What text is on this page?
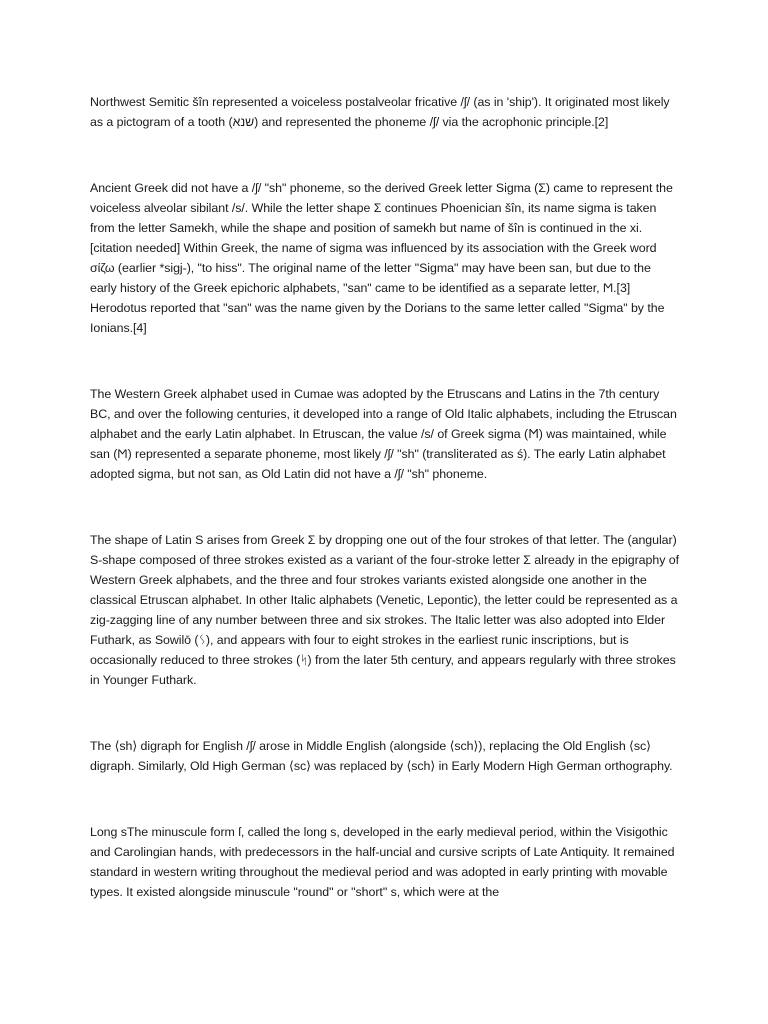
Northwest Semitic šîn represented a voiceless postalveolar fricative /ʃ/ (as in 'ship'). It originated most likely as a pictogram of a tooth (שנא) and represented the phoneme /ʃ/ via the acrophonic principle.[2]

Ancient Greek did not have a /ʃ/ "sh" phoneme, so the derived Greek letter Sigma (Σ) came to represent the voiceless alveolar sibilant /s/. While the letter shape Σ continues Phoenician šîn, its name sigma is taken from the letter Samekh, while the shape and position of samekh but name of šîn is continued in the xi.[citation needed] Within Greek, the name of sigma was influenced by its association with the Greek word σίζω (earlier *sigj-), "to hiss". The original name of the letter "Sigma" may have been san, but due to the early history of the Greek epichoric alphabets, "san" came to be identified as a separate letter, Ϻ.[3] Herodotus reported that "san" was the name given by the Dorians to the same letter called "Sigma" by the Ionians.[4]

The Western Greek alphabet used in Cumae was adopted by the Etruscans and Latins in the 7th century BC, and over the following centuries, it developed into a range of Old Italic alphabets, including the Etruscan alphabet and the early Latin alphabet. In Etruscan, the value /s/ of Greek sigma (𐌑) was maintained, while san (Ϻ) represented a separate phoneme, most likely /ʃ/ "sh" (transliterated as ś). The early Latin alphabet adopted sigma, but not san, as Old Latin did not have a /ʃ/ "sh" phoneme.

The shape of Latin S arises from Greek Σ by dropping one out of the four strokes of that letter. The (angular) S-shape composed of three strokes existed as a variant of the four-stroke letter Σ already in the epigraphy of Western Greek alphabets, and the three and four strokes variants existed alongside one another in the classical Etruscan alphabet. In other Italic alphabets (Venetic, Lepontic), the letter could be represented as a zig-zagging line of any number between three and six strokes. The Italic letter was also adopted into Elder Futhark, as Sowilō (ᛊ), and appears with four to eight strokes in the earliest runic inscriptions, but is occasionally reduced to three strokes (ᛋ) from the later 5th century, and appears regularly with three strokes in Younger Futhark.

The ⟨sh⟩ digraph for English /ʃ/ arose in Middle English (alongside ⟨sch⟩), replacing the Old English ⟨sc⟩ digraph. Similarly, Old High German ⟨sc⟩ was replaced by ⟨sch⟩ in Early Modern High German orthography.

Long sThe minuscule form ſ, called the long s, developed in the early medieval period, within the Visigothic and Carolingian hands, with predecessors in the half-uncial and cursive scripts of Late Antiquity. It remained standard in western writing throughout the medieval period and was adopted in early printing with movable types. It existed alongside minuscule "round" or "short" s, which were at the
